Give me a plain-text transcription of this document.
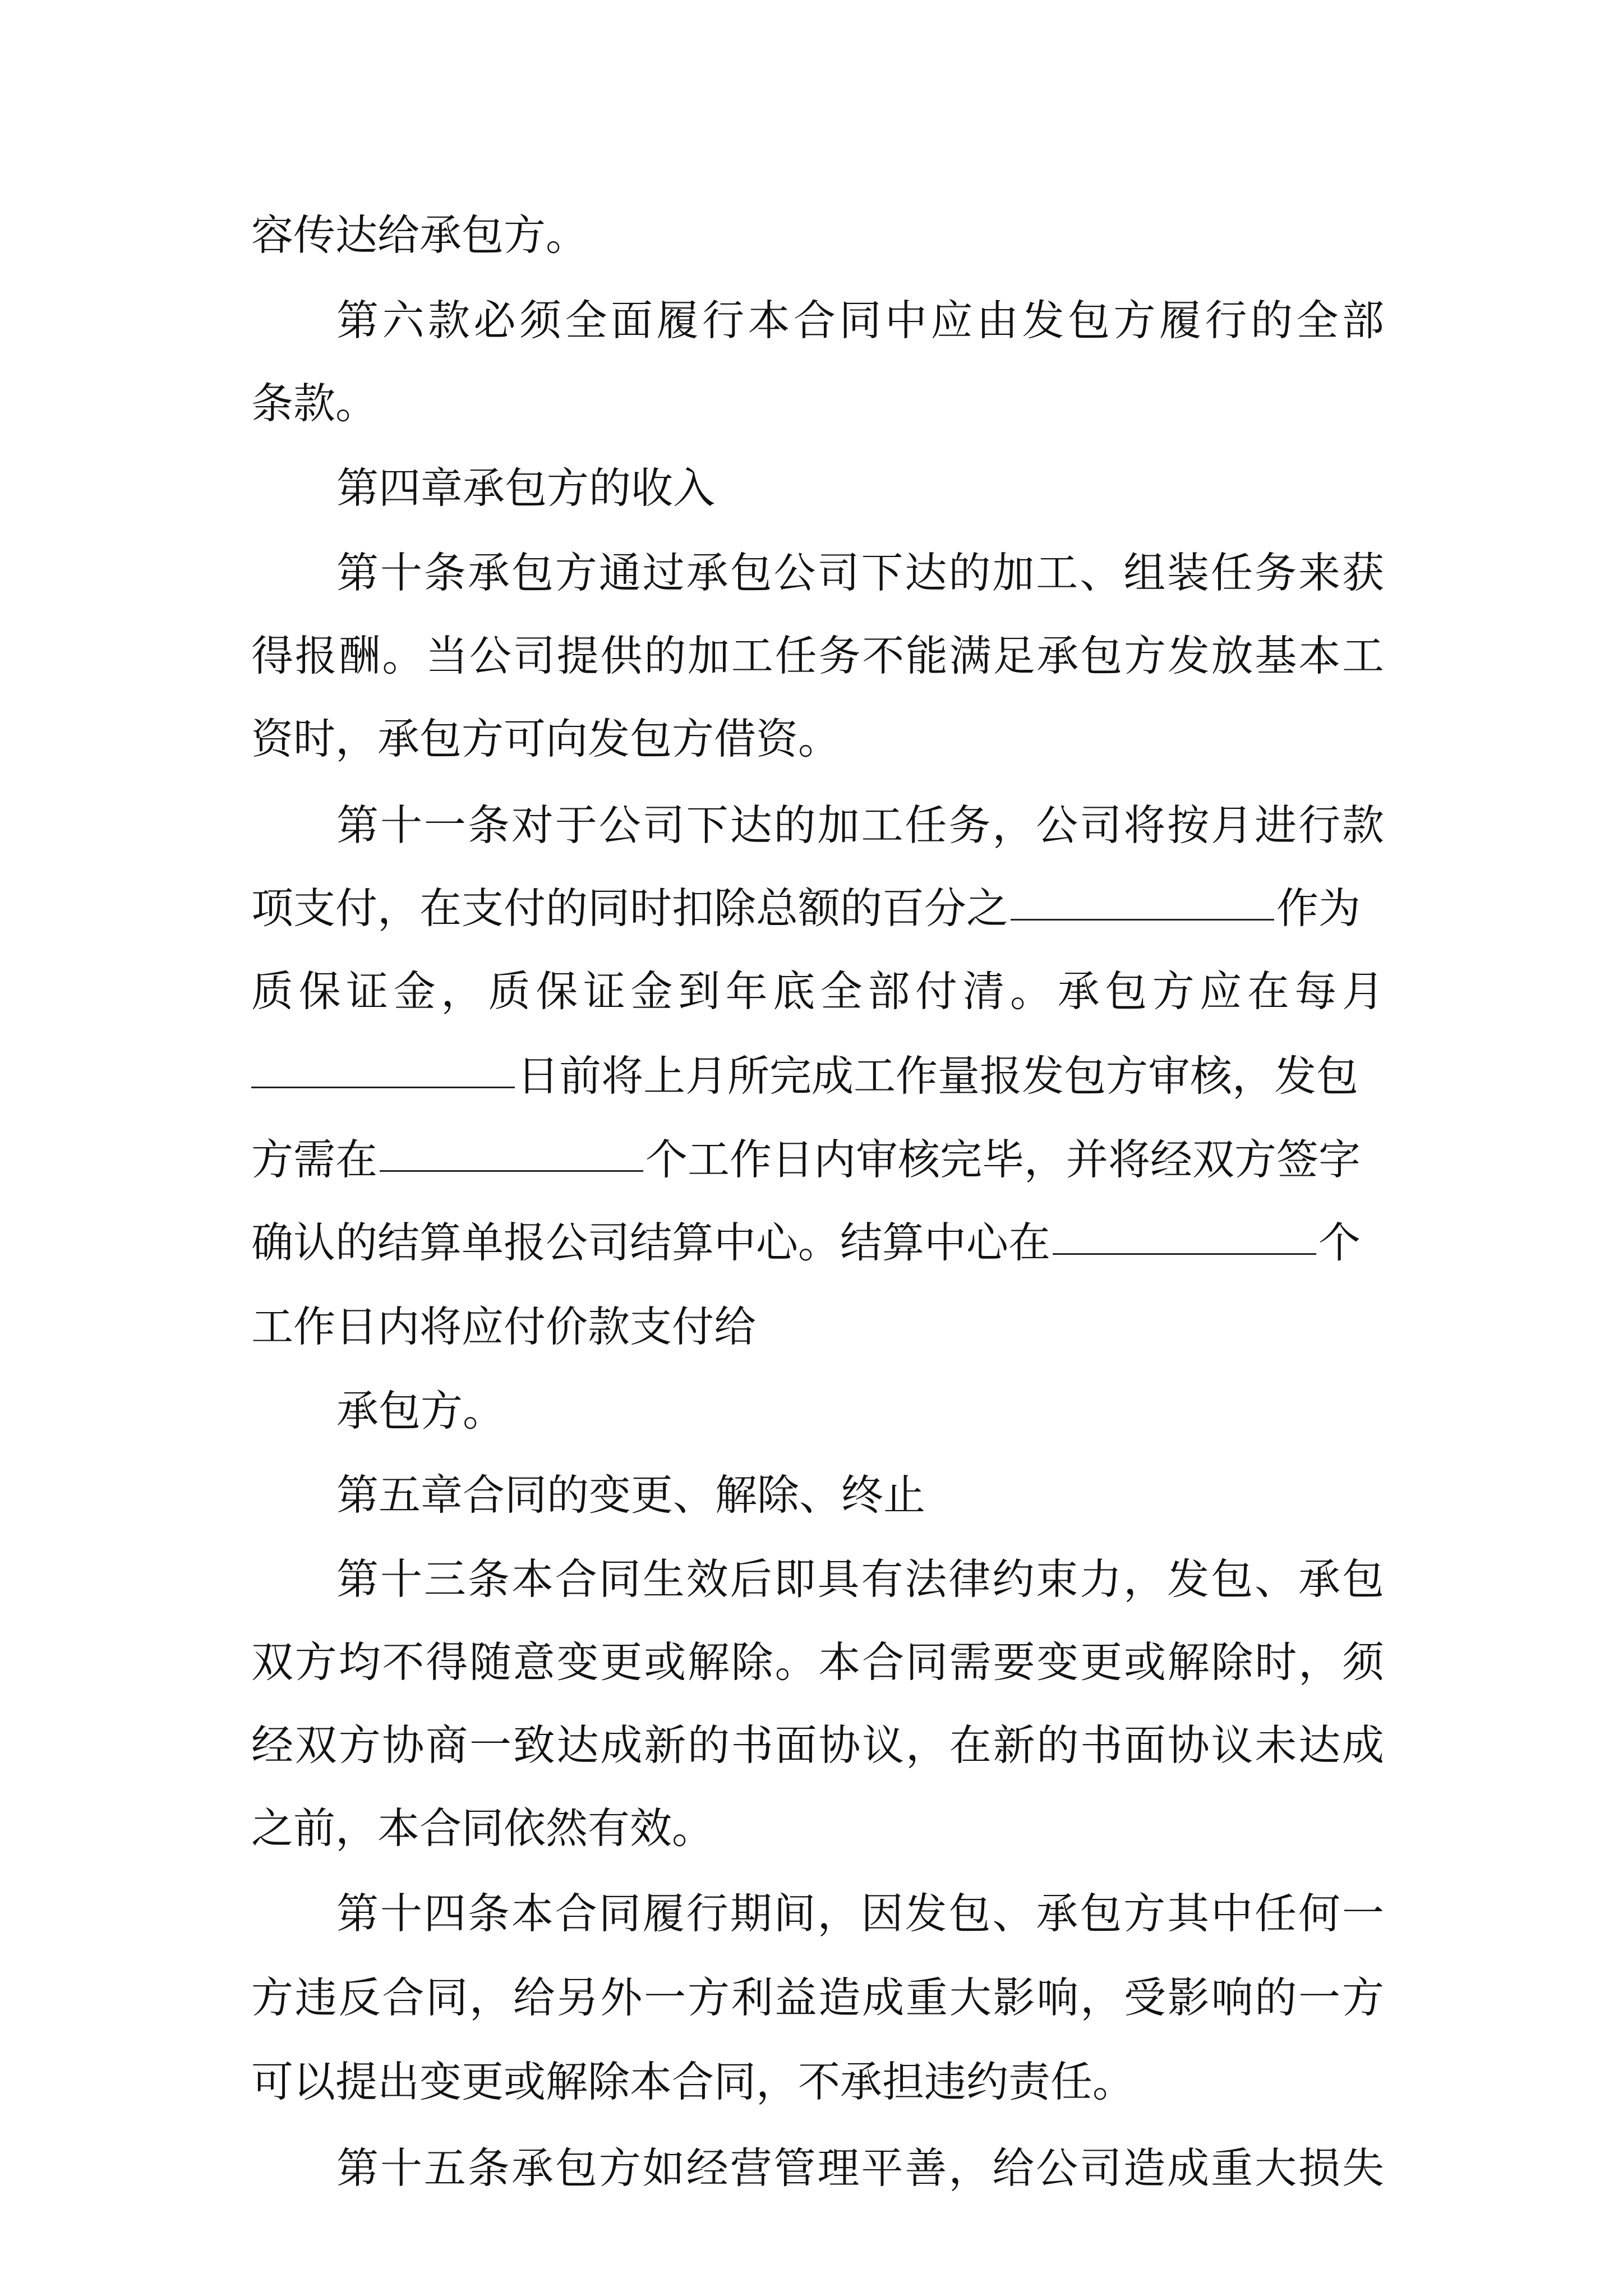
容传达给承包方。
第六款必须全面履行本合同中应由发包方履行的全部
条款。
第四章承包方的收入
第十条承包方通过承包公司下达的加工、组装任务来获
得报酬。当公司提供的加工任务不能满足承包方发放基本工
资时，承包方可向发包方借资。
第十一条对于公司下达的加工任务，公司将按月进行款
项支付，在支付的同时扣除总额的百分之	作为
质保证金，质保证金到年底全部付清。承包方应在每月
日前将上月所完成工作量报发包方审核，发包
方需在	个工作日内审核完毕，并将经双方签字
确认的结算单报公司结算中心。结算中心在	个
工作日内将应付价款支付给
承包方。
第五章合同的变更、解除、终止
第十三条本合同生效后即具有法律约束力，发包、承包
双方均不得随意变更或解除。本合同需要变更或解除时，须
经双方协商一致达成新的书面协议，在新的书面协议未达成
之前，本合同依然有效。
第十四条本合同履行期间，因发包、承包方其中任何一
方违反合同，给另外一方利益造成重大影响，受影响的一方
可以提出变更或解除本合同，不承担违约责任。
第十五条承包方如经营管理平善，给公司造成重大损失
